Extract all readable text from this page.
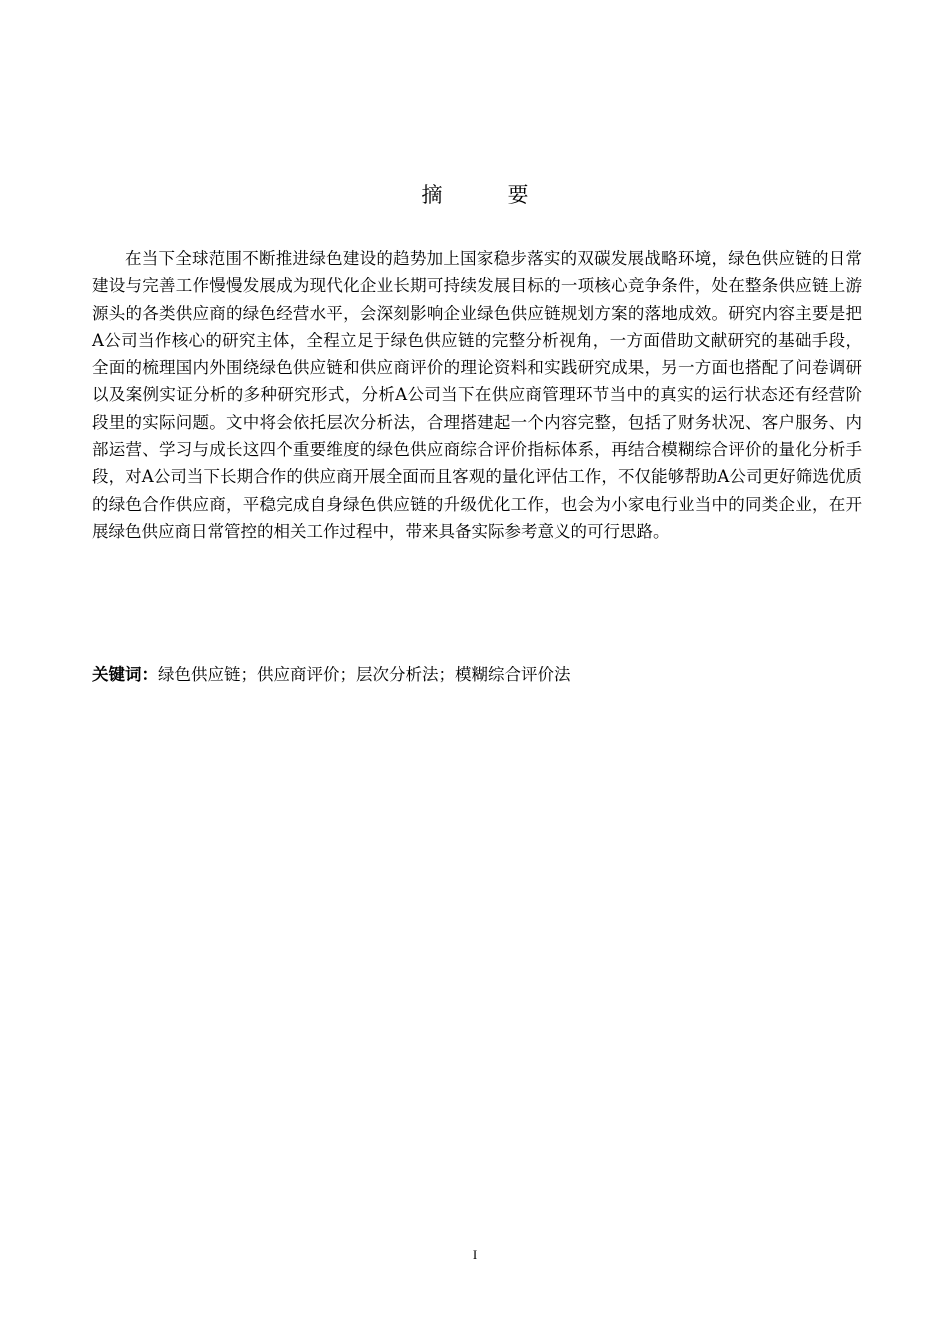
摘　要

在当下全球范围不断推进绿色建设的趋势加上国家稳步落实的双碳发展战略环境，绿色供应链的日常建设与完善工作慢慢发展成为现代化企业长期可持续发展目标的一项核心竞争条件，处在整条供应链上游源头的各类供应商的绿色经营水平，会深刻影响企业绿色供应链规划方案的落地成效。研究内容主要是把A公司当作核心的研究主体，全程立足于绿色供应链的完整分析视角，一方面借助文献研究的基础手段，全面的梳理国内外围绕绿色供应链和供应商评价的理论资料和实践研究成果，另一方面也搭配了问卷调研以及案例实证分析的多种研究形式，分析A公司当下在供应商管理环节当中的真实的运行状态还有经营阶段里的实际问题。文中将会依托层次分析法，合理搭建起一个内容完整，包括了财务状况、客户服务、内部运营、学习与成长这四个重要维度的绿色供应商综合评价指标体系，再结合模糊综合评价的量化分析手段，对A公司当下长期合作的供应商开展全面而且客观的量化评估工作，不仅能够帮助A公司更好筛选优质的绿色合作供应商，平稳完成自身绿色供应链的升级优化工作，也会为小家电行业当中的同类企业，在开展绿色供应商日常管控的相关工作过程中，带来具备实际参考意义的可行思路。

关键词：绿色供应链；供应商评价；层次分析法；模糊综合评价法

I
